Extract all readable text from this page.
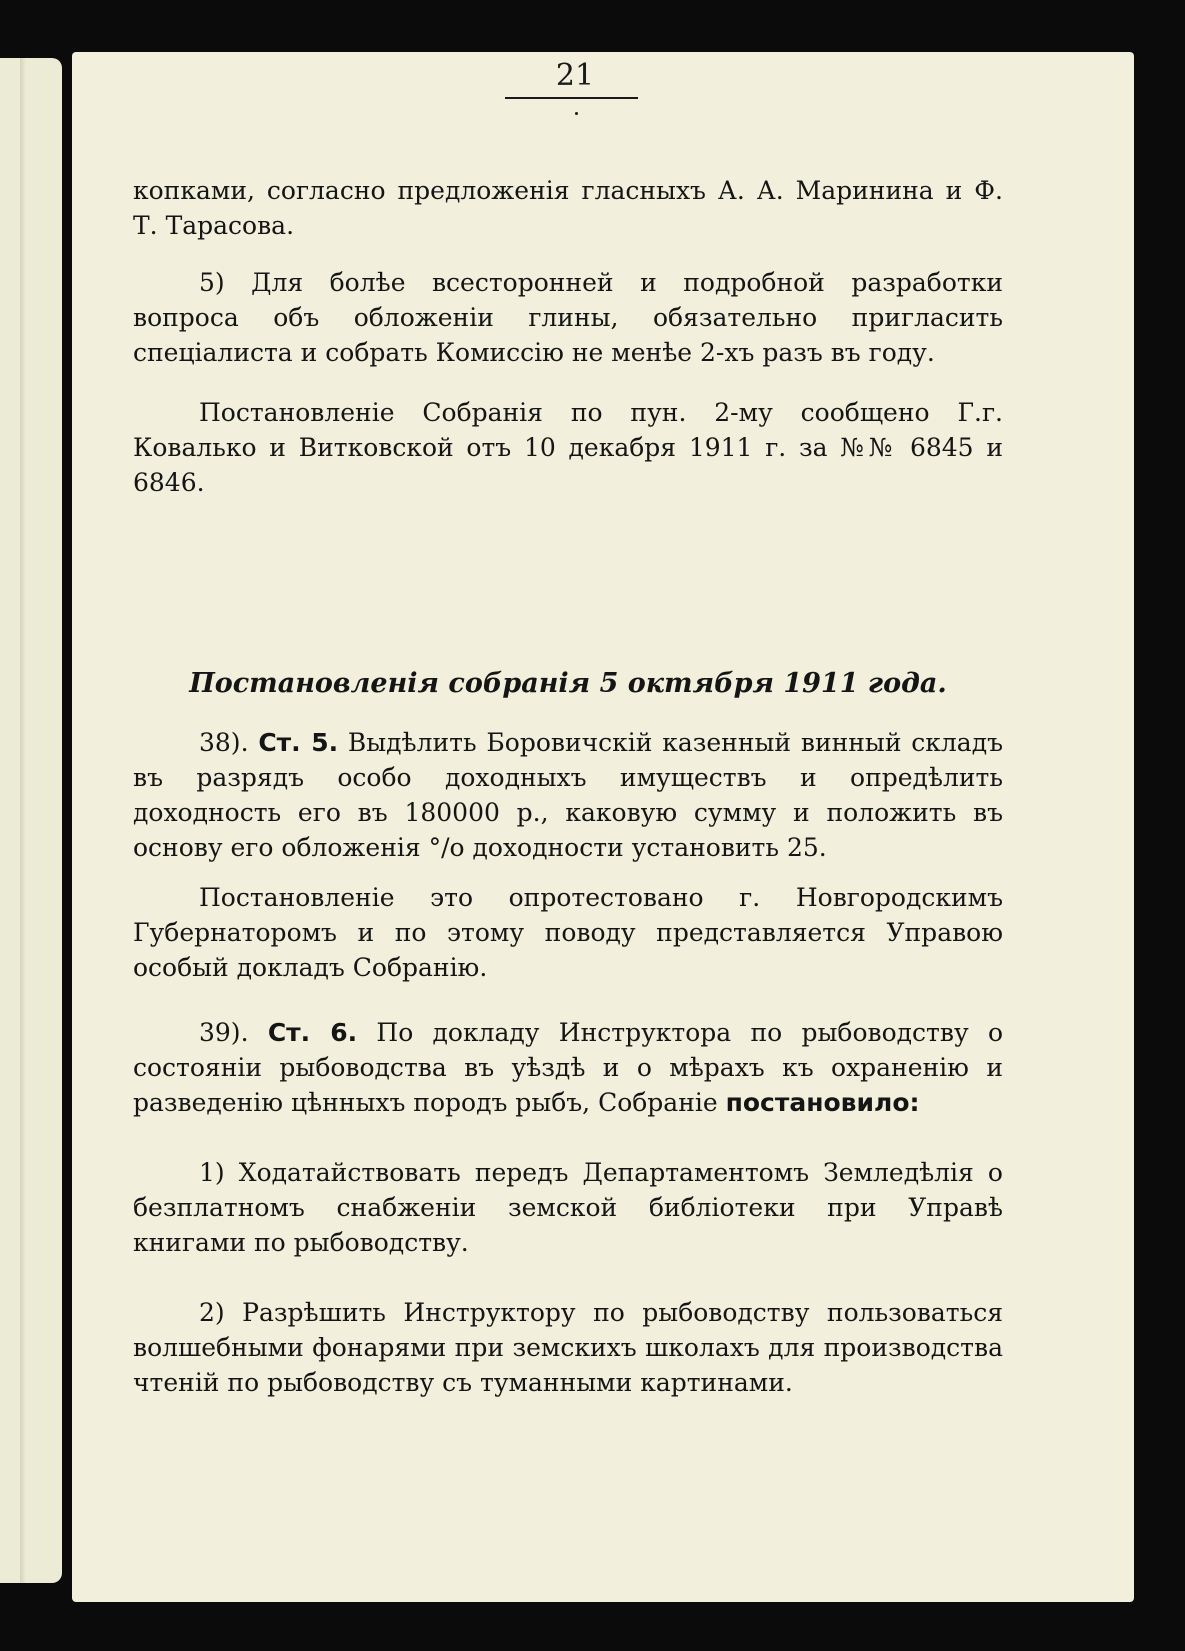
21

копками, согласно предложенія гласныхъ А. А. Маринина и Ф. Т. Тарасова.

5) Для болѣе всесторонней и подробной разработки вопроса объ обложеніи глины, обязательно пригласить спеціалиста и собрать Комиссію не менѣе 2-хъ разъ въ году.

Постановленіе Собранія по пун. 2-му сообщено Г.г. Ковалько и Витковской отъ 10 декабря 1911 г. за №№ 6845 и 6846.

Постановленія собранія 5 октября 1911 года.

38). Ст. 5. Выдѣлить Боровичскій казенный винный складъ въ разрядъ особо доходныхъ имуществъ и опредѣлить доходность его въ 180000 р., каковую сумму и положить въ основу его обложенія °/о доходности установить 25.

Постановленіе это опротестовано г. Новгородскимъ Губернаторомъ и по этому поводу представляется Управою особый докладъ Собранію.

39). Ст. 6. По докладу Инструктора по рыбоводству о состояніи рыбоводства въ уѣздѣ и о мѣрахъ къ охраненію и разведенію цѣнныхъ породъ рыбъ, Собраніе постановило:

1) Ходатайствовать передъ Департаментомъ Земледѣлія о безплатномъ снабженіи земской библіотеки при Управѣ книгами по рыбоводству.

2) Разрѣшить Инструктору по рыбоводству пользоваться волшебными фонарями при земскихъ школахъ для производства чтеній по рыбоводству съ туманными картинами.
